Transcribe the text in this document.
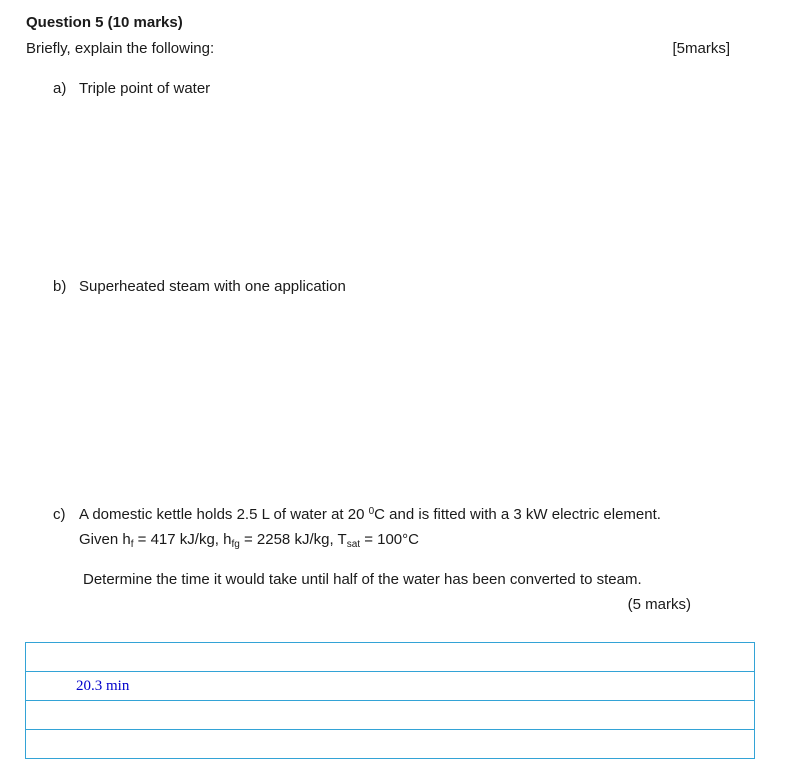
Question 5 (10 marks)
Briefly, explain the following:	[5marks]
a) Triple point of water
b) Superheated steam with one application
c) A domestic kettle holds 2.5 L of water at 20 $^0$C and is fitted with a 3 kW electric element.
Given $h_f = 417$ kJ/kg, $h_{fg} = 2258$ kJ/kg, $T_{sat} = 100^\circ C$
Determine the time it would take until half of the water has been converted to steam.
(5 marks)

20.3 min
